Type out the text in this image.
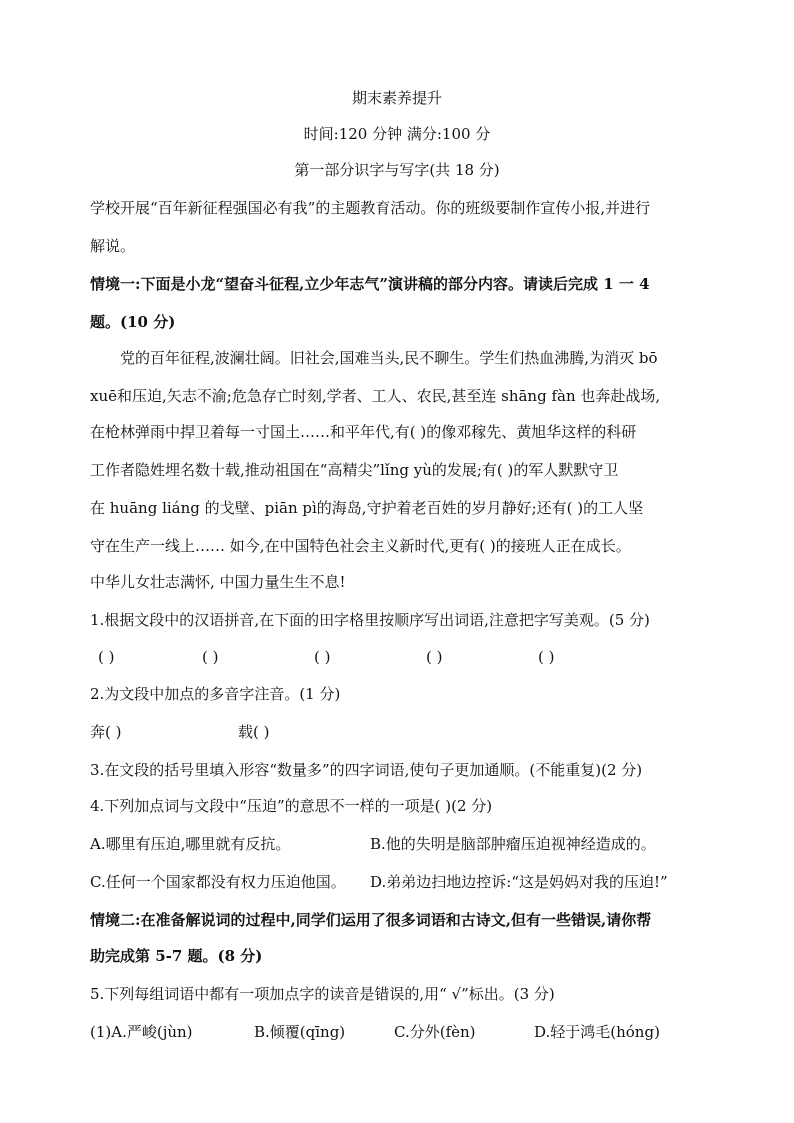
期末素养提升
时间:120 分钟 满分:100 分
第一部分识字与写字(共 18 分)
学校开展“百年新征程强国必有我”的主题教育活动。你的班级要制作宣传小报,并进行
解说。
情境一:下面是小龙“望奋斗征程,立少年志气”演讲稿的部分内容。请读后完成 1 一 4
题。(10 分)
党的百年征程,波澜壮阔。旧社会,国难当头,民不聊生。学生们热血沸腾,为消灭 bō
xuē和压迫,矢志不渝;危急存亡时刻,学者、工人、农民,甚至连 shāng fàn 也奔赴战场,
在枪林弹雨中捍卫着每一寸国土……和平年代,有( )的像邓稼先、黄旭华这样的科研
工作者隐姓埋名数十载,推动祖国在“高精尖”lǐng yù的发展;有( )的军人默默守卫
在 huāng liáng 的戈壁、piān pì的海岛,守护着老百姓的岁月静好;还有( )的工人坚
守在生产一线上…… 如今,在中国特色社会主义新时代,更有( )的接班人正在成长。
中华儿女壮志满怀, 中国力量生生不息!
1.根据文段中的汉语拼音,在下面的田字格里按顺序写出词语,注意把字写美观。(5 分)
( )	( )	( )	( )	( )
2.为文段中加点的多音字注音。(1 分)
奔( )	载( )
3.在文段的括号里填入形容“数量多”的四字词语,使句子更加通顺。(不能重复)(2 分)
4.下列加点词与文段中“压迫”的意思不一样的一项是( )(2 分)
A.哪里有压迫,哪里就有反抗。	B.他的失明是脑部肿瘤压迫视神经造成的。
C.任何一个国家都没有权力压迫他国。 D.弟弟边扫地边控诉:“这是妈妈对我的压迫!”
情境二:在准备解说词的过程中,同学们运用了很多词语和古诗文,但有一些错误,请你帮
助完成第 5-7 题。(8 分)
5.下列每组词语中都有一项加点字的读音是错误的,用“ √”标出。(3 分)
(1)A.严峻(jùn)	B.倾覆(qīng)	C.分外(fèn)	D.轻于鸿毛(hóng)
